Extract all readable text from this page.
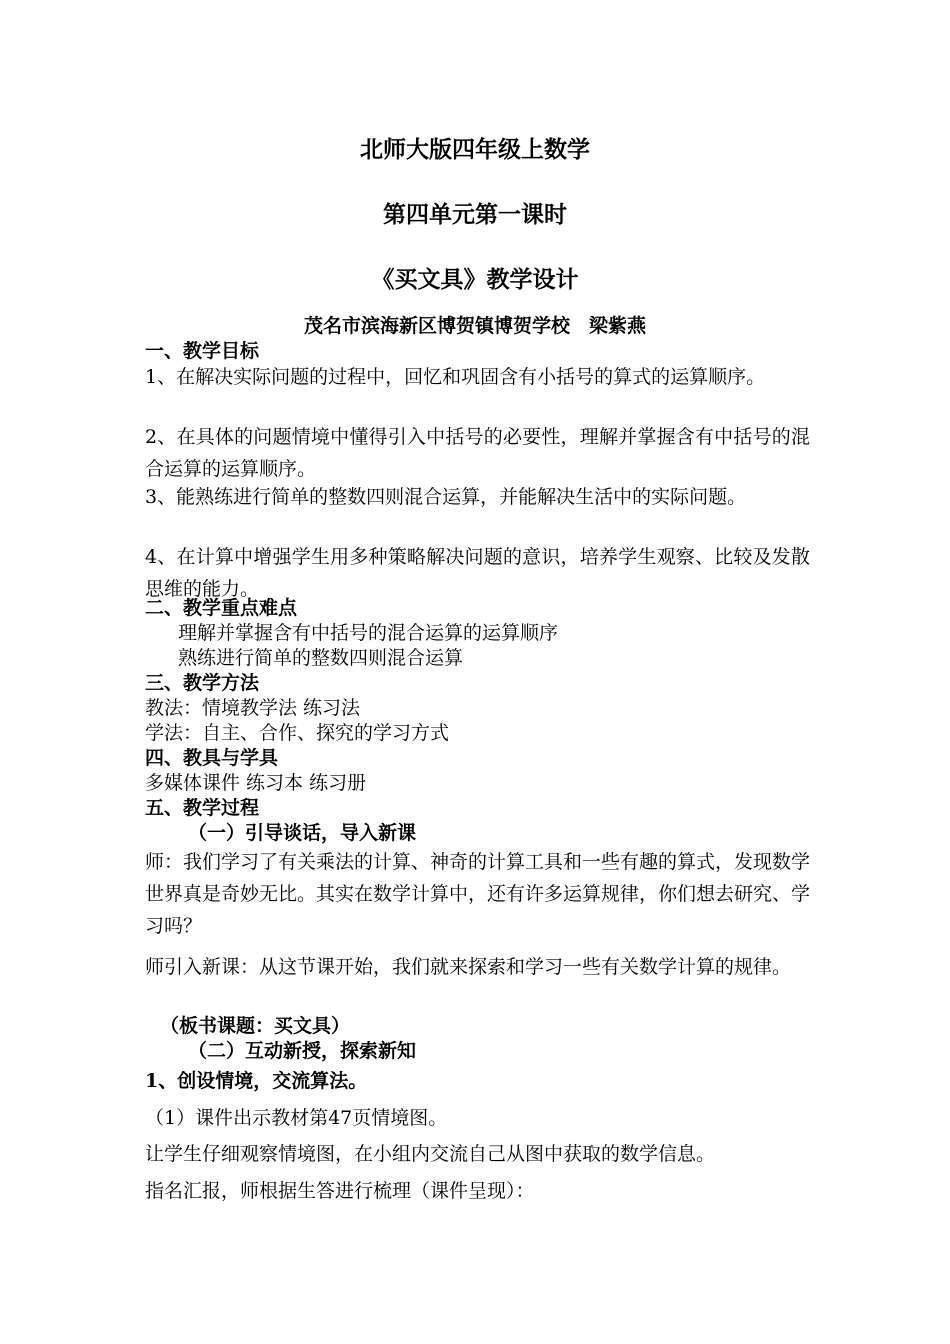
北师大版四年级上数学
第四单元第一课时
《买文具》教学设计
茂名市滨海新区博贺镇博贺学校　梁紫燕
一、教学目标
1、在解决实际问题的过程中，回忆和巩固含有小括号的算式的运算顺序。
2、在具体的问题情境中懂得引入中括号的必要性，理解并掌握含有中括号的混合运算的运算顺序。
3、能熟练进行简单的整数四则混合运算，并能解决生活中的实际问题。
4、在计算中增强学生用多种策略解决问题的意识，培养学生观察、比较及发散思维的能力。
二、教学重点难点
理解并掌握含有中括号的混合运算的运算顺序
熟练进行简单的整数四则混合运算
三、教学方法
教法：情境教学法 练习法
学法：自主、合作、探究的学习方式
四、教具与学具
多媒体课件 练习本 练习册
五、教学过程
（一）引导谈话，导入新课
师：我们学习了有关乘法的计算、神奇的计算工具和一些有趣的算式，发现数学世界真是奇妙无比。其实在数学计算中，还有许多运算规律，你们想去研究、学习吗？
师引入新课：从这节课开始，我们就来探索和学习一些有关数学计算的规律。
（板书课题：买文具）
（二）互动新授，探索新知
1、创设情境，交流算法。
（1）课件出示教材第47页情境图。
让学生仔细观察情境图，在小组内交流自己从图中获取的数学信息。
指名汇报，师根据生答进行梳理（课件呈现）：
